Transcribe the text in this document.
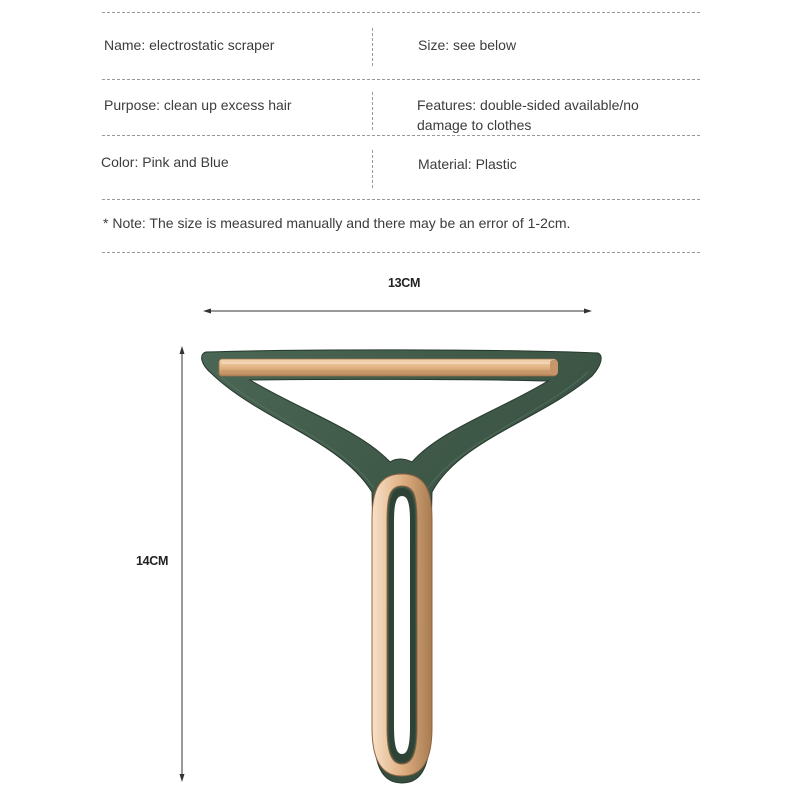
Name: electrostatic scraper	Size: see below
Purpose: clean up excess hair	Features: double-sided available/no damage to clothes
Color: Pink and Blue	Material: Plastic
* Note: The size is measured manually and there may be an error of 1-2cm.
13CM
14CM
